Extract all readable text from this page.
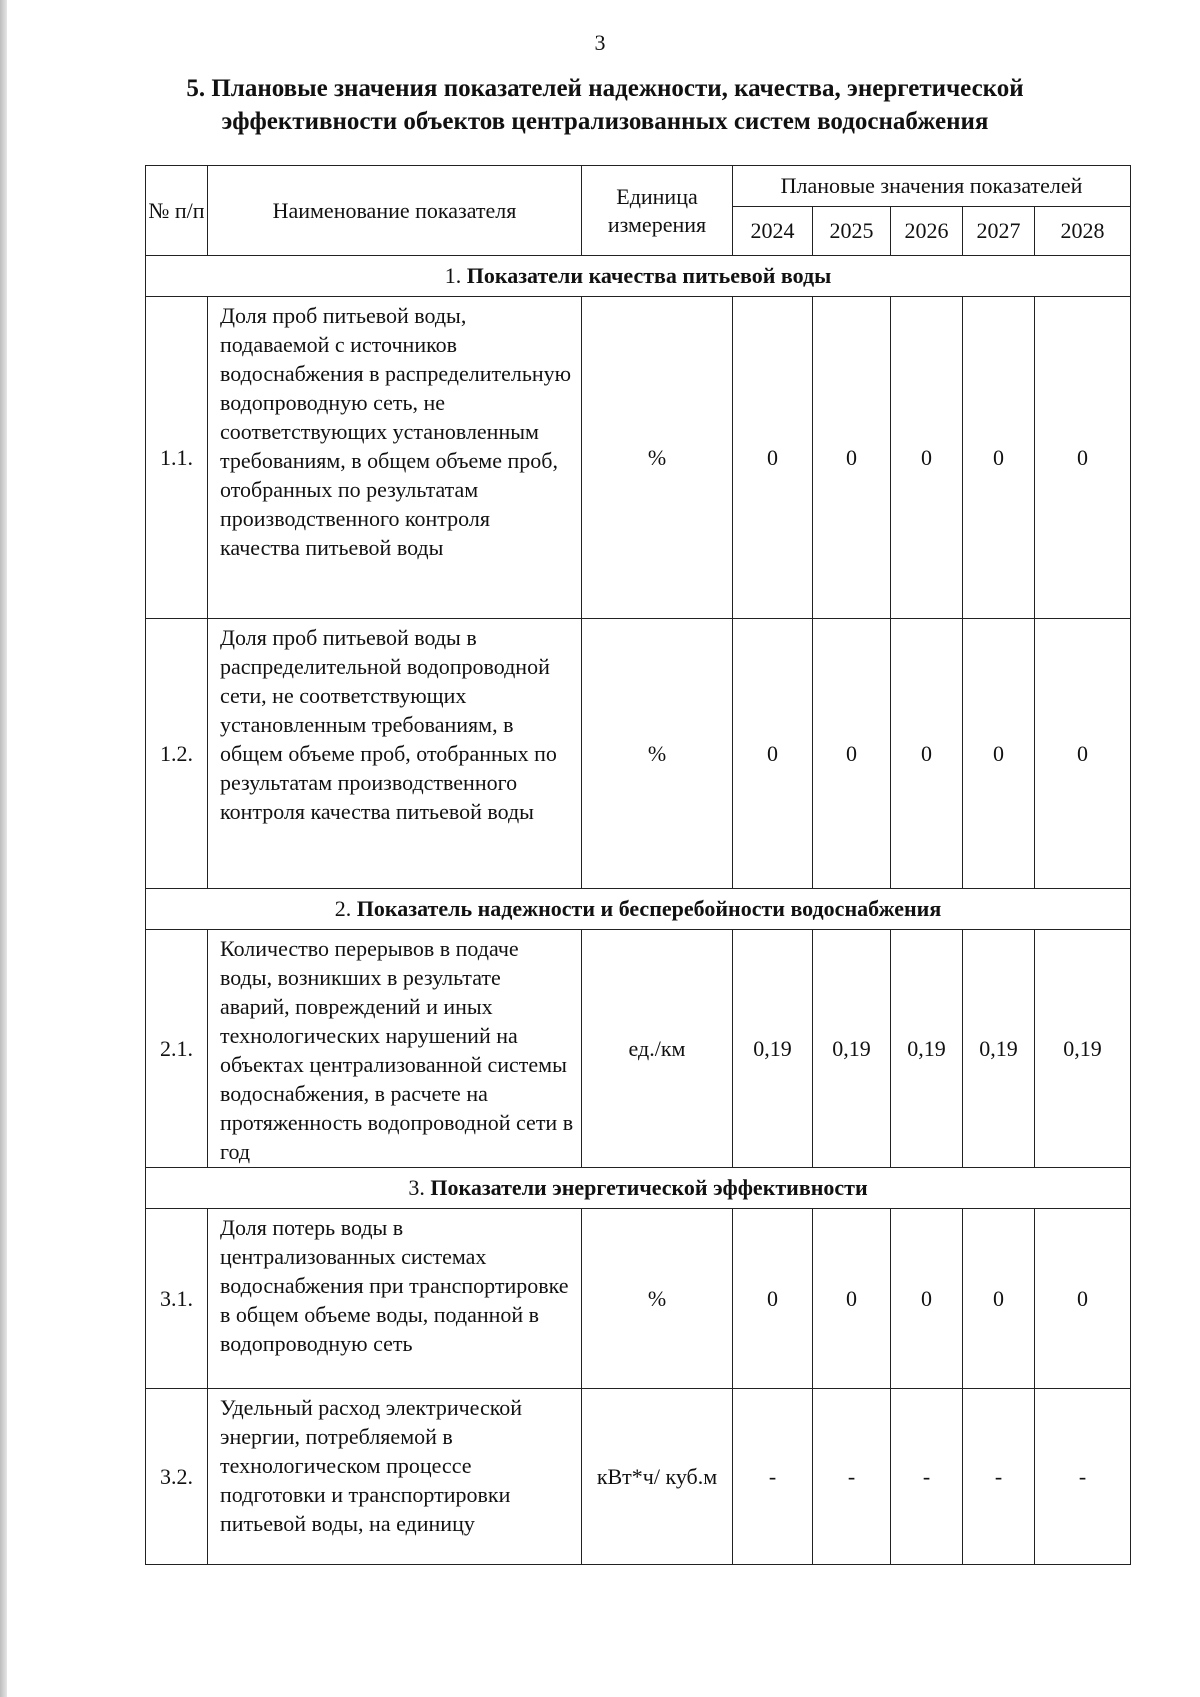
3
5. Плановые значения показателей надежности, качества, энергетической эффективности объектов централизованных систем водоснабжения
№ п/п	Наименование показателя	Единица измерения	Плановые значения показателей				
			2024	2025	2026	2027	2028
1. Показатели качества питьевой воды							
1.1.	Доля проб питьевой воды, подаваемой с источников водоснабжения в распределительную водопроводную сеть, не соответствующих установленным требованиям, в общем объеме проб, отобранных по результатам производственного контроля качества питьевой воды	%	0	0	0	0	0
1.2.	Доля проб питьевой воды в распределительной водопроводной сети, не соответствующих установленным требованиям, в общем объеме проб, отобранных по результатам производственного контроля качества питьевой воды	%	0	0	0	0	0
2. Показатель надежности и бесперебойности водоснабжения							
2.1.	Количество перерывов в подаче воды, возникших в результате аварий, повреждений и иных технологических нарушений на объектах централизованной системы водоснабжения, в расчете на протяженность водопроводной сети в год	ед./км	0,19	0,19	0,19	0,19	0,19
3. Показатели энергетической эффективности							
3.1.	Доля потерь воды в централизованных системах водоснабжения при транспортировке в общем объеме воды, поданной в водопроводную сеть	%	0	0	0	0	0
3.2.	Удельный расход электрической энергии, потребляемой в технологическом процессе подготовки и транспортировки питьевой воды, на единицу	кВт*ч/ куб.м	-	-	-	-	-
